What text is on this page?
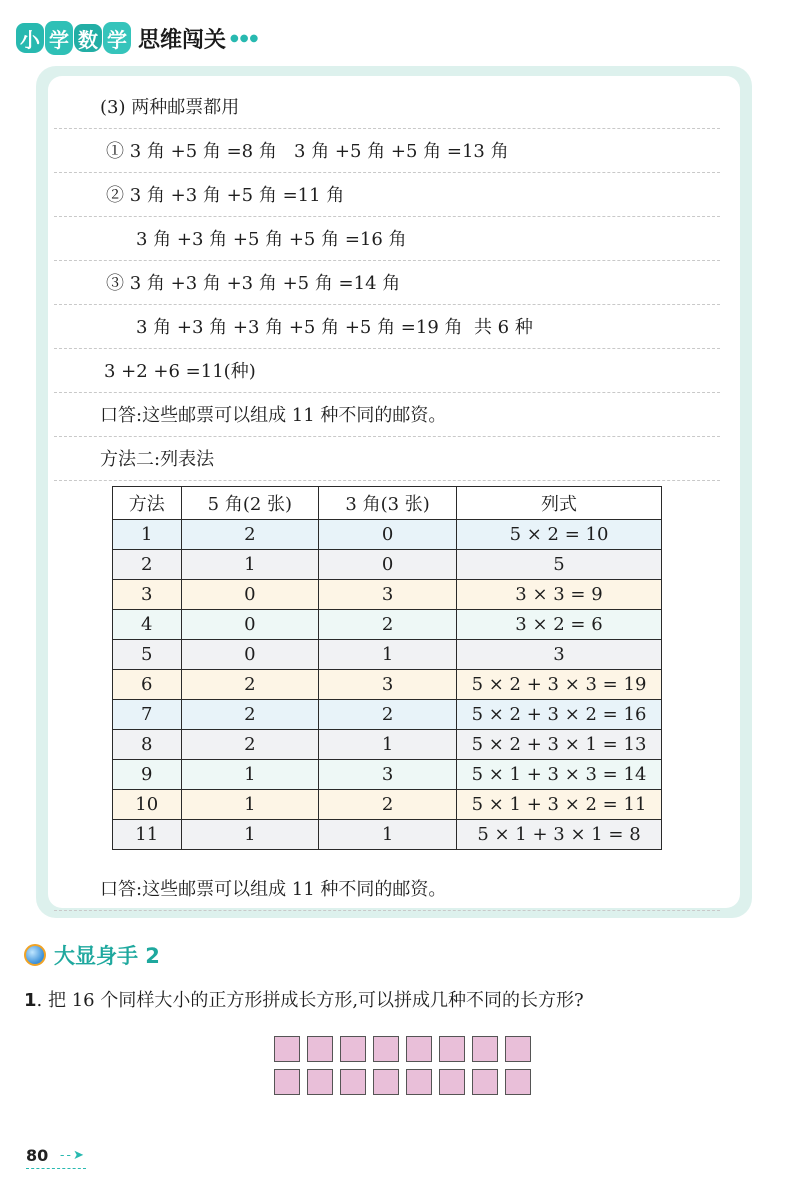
小 学 数 学 思维闯关 ●●●
(3) 两种邮票都用
① 3 角 +5 角 =8 角   3 角 +5 角 +5 角 =13 角
② 3 角 +3 角 +5 角 =11 角
3 角 +3 角 +5 角 +5 角 =16 角
③ 3 角 +3 角 +3 角 +5 角 =14 角
3 角 +3 角 +3 角 +5 角 +5 角 =19 角  共 6 种
3 +2 +6 =11(种)
口答:这些邮票可以组成 11 种不同的邮资。
方法二:列表法
方法	5 角(2 张)	3 角(3 张)	列式
1	2	0	5 × 2 = 10
2	1	0	5
3	0	3	3 × 3 = 9
4	0	2	3 × 2 = 6
5	0	1	3
6	2	3	5 × 2 + 3 × 3 = 19
7	2	2	5 × 2 + 3 × 2 = 16
8	2	1	5 × 2 + 3 × 1 = 13
9	1	3	5 × 1 + 3 × 3 = 14
10	1	2	5 × 1 + 3 × 2 = 11
11	1	1	5 × 1 + 3 × 1 = 8
口答:这些邮票可以组成 11 种不同的邮资。
大显身手 2
1. 把 16 个同样大小的正方形拼成长方形,可以拼成几种不同的长方形?
80 - - ➤
